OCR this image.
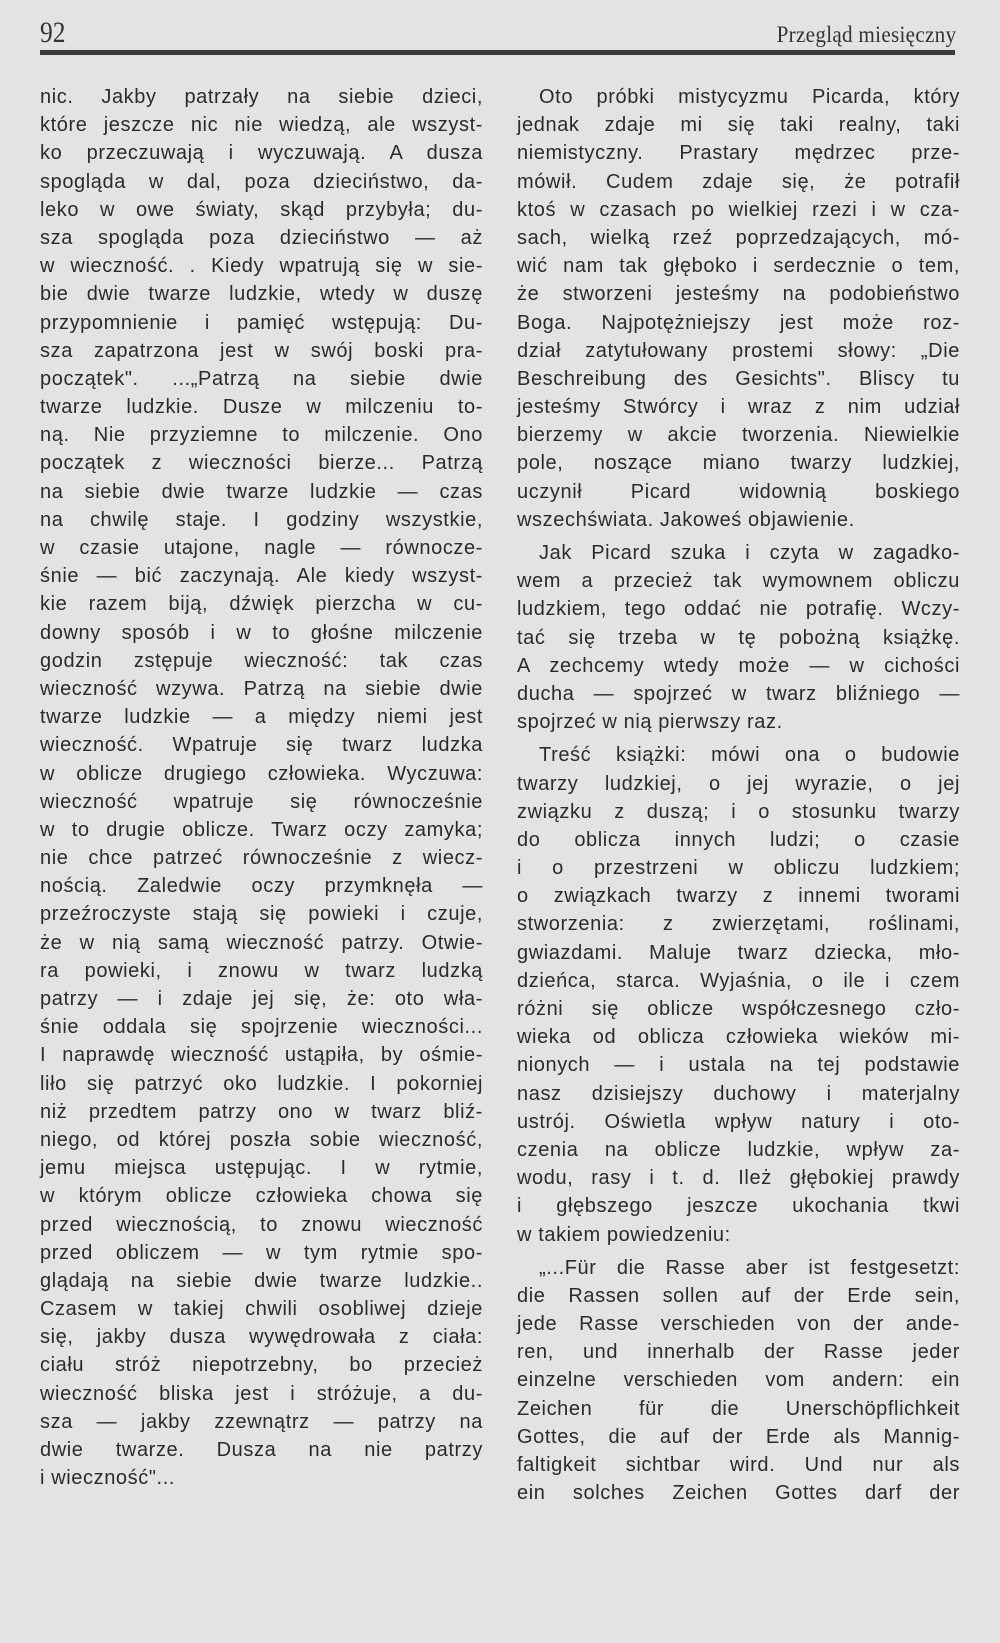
92	Przegląd miesięczny
nic. Jakby patrzały na siebie dzieci,
które jeszcze nic nie wiedzą, ale wszyst-
ko przeczuwają i wyczuwają. A dusza
spogląda w dal, poza dzieciństwo, da-
leko w owe światy, skąd przybyła; du-
sza spogląda poza dzieciństwo — aż
w wieczność. . Kiedy wpatrują się w sie-
bie dwie twarze ludzkie, wtedy w duszę
przypomnienie i pamięć wstępują: Du-
sza zapatrzona jest w swój boski pra-
początek". ...„Patrzą na siebie dwie
twarze ludzkie. Dusze w milczeniu to-
ną. Nie przyziemne to milczenie. Ono
początek z wieczności bierze... Patrzą
na siebie dwie twarze ludzkie — czas
na chwilę staje. I godziny wszystkie,
w czasie utajone, nagle — równocze-
śnie — bić zaczynają. Ale kiedy wszyst-
kie razem biją, dźwięk pierzcha w cu-
downy sposób i w to głośne milczenie
godzin zstępuje wieczność: tak czas
wieczność wzywa. Patrzą na siebie dwie
twarze ludzkie — a między niemi jest
wieczność. Wpatruje się twarz ludzka
w oblicze drugiego człowieka. Wyczuwa:
wieczność wpatruje się równocześnie
w to drugie oblicze. Twarz oczy zamyka;
nie chce patrzeć równocześnie z wiecz-
nością. Zaledwie oczy przymknęła —
przeźroczyste stają się powieki i czuje,
że w nią samą wieczność patrzy. Otwie-
ra powieki, i znowu w twarz ludzką
patrzy — i zdaje jej się, że: oto wła-
śnie oddala się spojrzenie wieczności...
I naprawdę wieczność ustąpiła, by ośmie-
liło się patrzyć oko ludzkie. I pokorniej
niż przedtem patrzy ono w twarz bliź-
niego, od której poszła sobie wieczność,
jemu miejsca ustępując. I w rytmie,
w którym oblicze człowieka chowa się
przed wiecznością, to znowu wieczność
przed obliczem — w tym rytmie spo-
glądają na siebie dwie twarze ludzkie..
Czasem w takiej chwili osobliwej dzieje
się, jakby dusza wywędrowała z ciała:
ciału stróż niepotrzebny, bo przecież
wieczność bliska jest i stróżuje, a du-
sza — jakby zzewnątrz — patrzy na
dwie twarze. Dusza na nie patrzy
i wieczność"...
Oto próbki mistycyzmu Picarda, który
jednak zdaje mi się taki realny, taki
niemistyczny. Prastary mędrzec prze-
mówił. Cudem zdaje się, że potrafił
ktoś w czasach po wielkiej rzezi i w cza-
sach, wielką rzeź poprzedzających, mó-
wić nam tak głęboko i serdecznie o tem,
że stworzeni jesteśmy na podobieństwo
Boga. Najpotężniejszy jest może roz-
dział zatytułowany prostemi słowy: „Die
Beschreibung des Gesichts". Bliscy tu
jesteśmy Stwórcy i wraz z nim udział
bierzemy w akcie tworzenia. Niewielkie
pole, noszące miano twarzy ludzkiej,
uczynił Picard widownią boskiego
wszechświata. Jakoweś objawienie.
Jak Picard szuka i czyta w zagadko-
wem a przecież tak wymownem obliczu
ludzkiem, tego oddać nie potrafię. Wczy-
tać się trzeba w tę pobożną książkę.
A zechcemy wtedy może — w cichości
ducha — spojrzeć w twarz bliźniego —
spojrzeć w nią pierwszy raz.
Treść książki: mówi ona o budowie
twarzy ludzkiej, o jej wyrazie, o jej
związku z duszą; i o stosunku twarzy
do oblicza innych ludzi; o czasie
i o przestrzeni w obliczu ludzkiem;
o związkach twarzy z innemi tworami
stworzenia: z zwierzętami, roślinami,
gwiazdami. Maluje twarz dziecka, mło-
dzieńca, starca. Wyjaśnia, o ile i czem
różni się oblicze współczesnego czło-
wieka od oblicza człowieka wieków mi-
nionych — i ustala na tej podstawie
nasz dzisiejszy duchowy i materjalny
ustrój. Oświetla wpływ natury i oto-
czenia na oblicze ludzkie, wpływ za-
wodu, rasy i t. d. Ileż głębokiej prawdy
i głębszego jeszcze ukochania tkwi
w takiem powiedzeniu:
„...Für die Rasse aber ist festgesetzt:
die Rassen sollen auf der Erde sein,
jede Rasse verschieden von der ande-
ren, und innerhalb der Rasse jeder
einzelne verschieden vom andern: ein
Zeichen für die Unerschöpflichkeit
Gottes, die auf der Erde als Mannig-
faltigkeit sichtbar wird. Und nur als
ein solches Zeichen Gottes darf der
